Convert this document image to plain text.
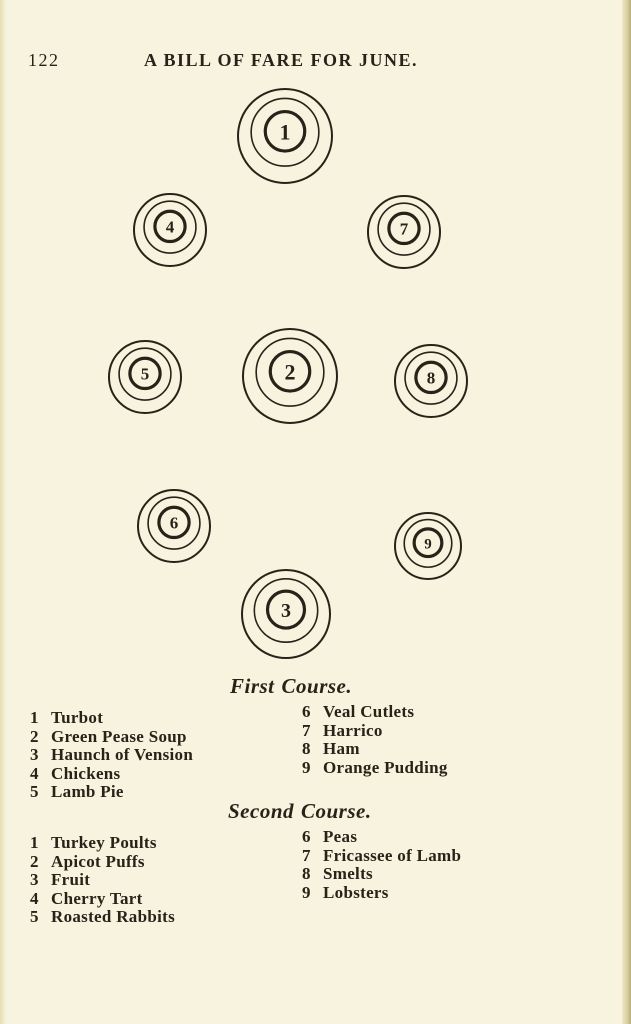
122	A BILL OF FARE FOR JUNE.
1
4	7
5	2	8
6
9
3
First Course.
1 Turbot
2 Green Pease Soup
3 Haunch of Vension
4 Chickens
5 Lamb Pie
6 Veal Cutlets
7 Harrico
8 Ham
9 Orange Pudding
Second Course.
1 Turkey Poults
2 Apicot Puffs
3 Fruit
4 Cherry Tart
5 Roasted Rabbits
6 Peas
7 Fricassee of Lamb
8 Smelts
9 Lobsters
